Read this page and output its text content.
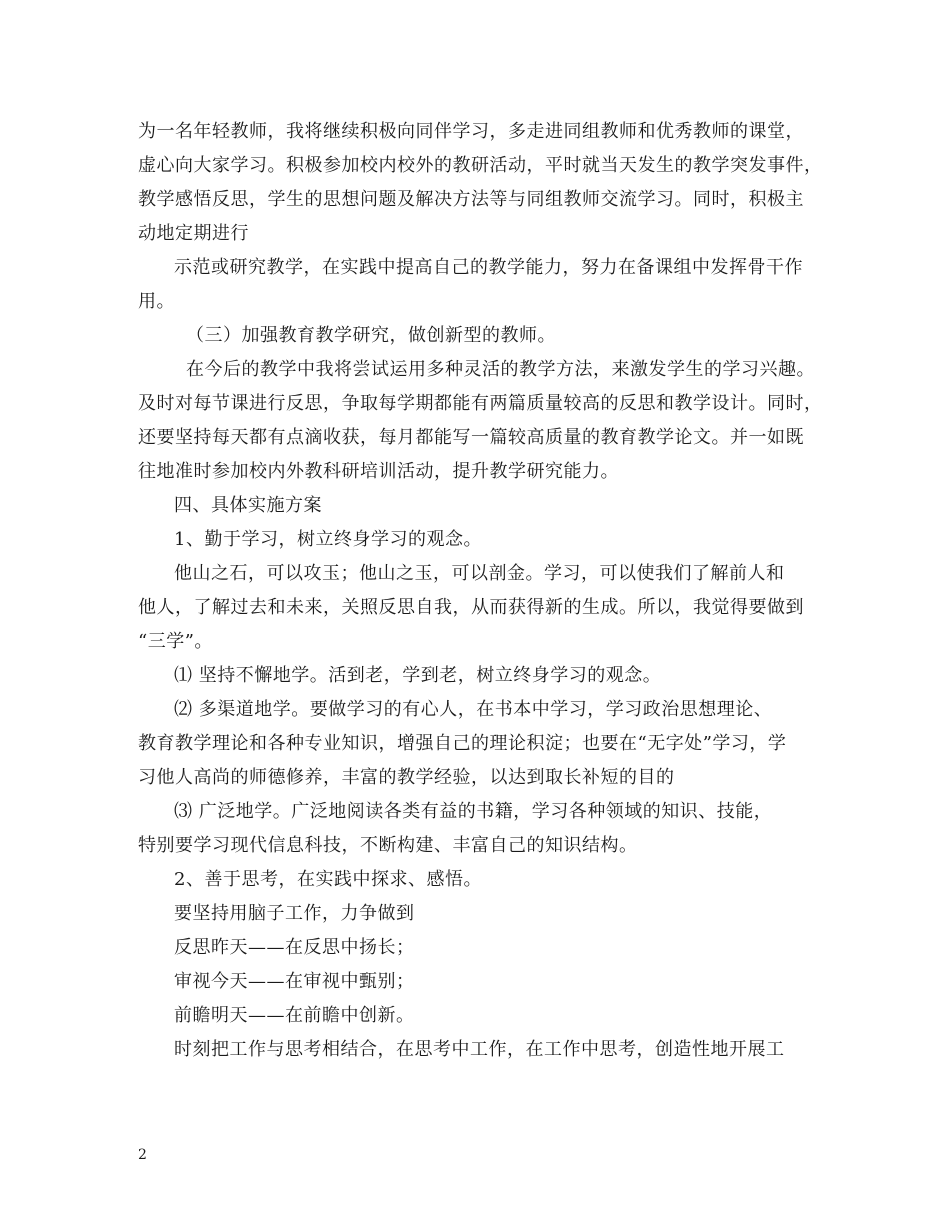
为一名年轻教师，我将继续积极向同伴学习，多走进同组教师和优秀教师的课堂，
虚心向大家学习。积极参加校内校外的教研活动，平时就当天发生的教学突发事件，
教学感悟反思，学生的思想问题及解决方法等与同组教师交流学习。同时，积极主
动地定期进行
示范或研究教学，在实践中提高自己的教学能力，努力在备课组中发挥骨干作
用。
（三）加强教育教学研究，做创新型的教师。
在今后的教学中我将尝试运用多种灵活的教学方法，来激发学生的学习兴趣。
及时对每节课进行反思，争取每学期都能有两篇质量较高的反思和教学设计。同时，
还要坚持每天都有点滴收获，每月都能写一篇较高质量的教育教学论文。并一如既
往地准时参加校内外教科研培训活动，提升教学研究能力。
四、具体实施方案
1、勤于学习，树立终身学习的观念。
他山之石，可以攻玉；他山之玉，可以剖金。学习，可以使我们了解前人和
他人，了解过去和未来，关照反思自我，从而获得新的生成。所以，我觉得要做到
“三学”。
⑴ 坚持不懈地学。活到老，学到老，树立终身学习的观念。
⑵ 多渠道地学。要做学习的有心人，在书本中学习，学习政治思想理论、
教育教学理论和各种专业知识，增强自己的理论积淀；也要在“无字处”学习，学
习他人高尚的师德修养，丰富的教学经验，以达到取长补短的目的
⑶ 广泛地学。广泛地阅读各类有益的书籍，学习各种领域的知识、技能，
特别要学习现代信息科技，不断构建、丰富自己的知识结构。
2、善于思考，在实践中探求、感悟。
要坚持用脑子工作，力争做到
反思昨天——在反思中扬长；
审视今天——在审视中甄别；
前瞻明天——在前瞻中创新。
时刻把工作与思考相结合，在思考中工作，在工作中思考，创造性地开展工
2
